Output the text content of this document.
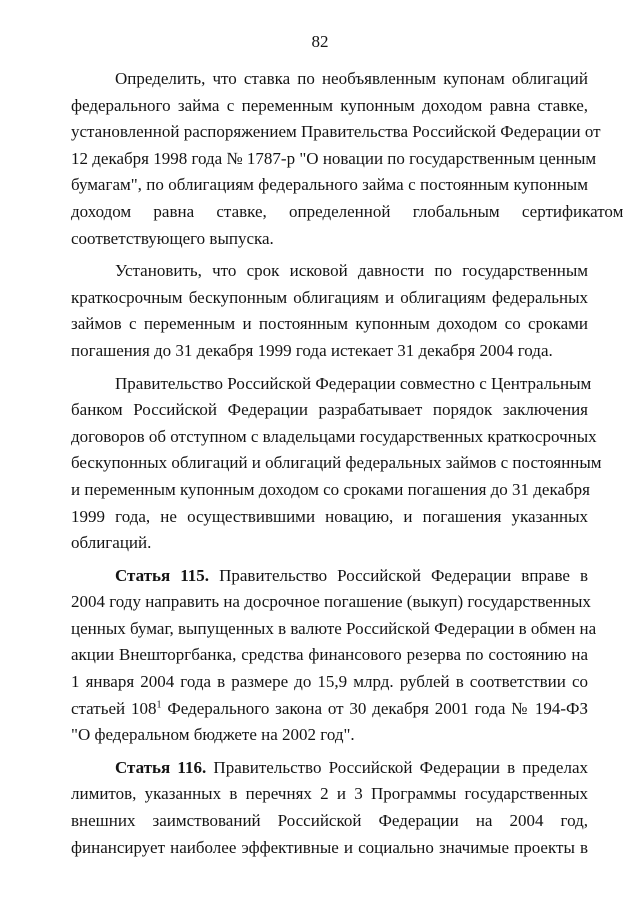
82
Определить, что ставка по необъявленным купонам облигаций
федерального займа с переменным купонным доходом равна ставке,
установленной распоряжением Правительства Российской Федерации от
12 декабря 1998 года № 1787-р "О новации по государственным ценным
бумагам", по облигациям федерального займа с постоянным купонным
доходом равна ставке, определенной глобальным сертификатом
соответствующего выпуска.
Установить, что срок исковой давности по государственным
краткосрочным бескупонным облигациям и облигациям федеральных
займов с переменным и постоянным купонным доходом со сроками
погашения до 31 декабря 1999 года истекает 31 декабря 2004 года.
Правительство Российской Федерации совместно с Центральным
банком Российской Федерации разрабатывает порядок заключения
договоров об отступном с владельцами государственных краткосрочных
бескупонных облигаций и облигаций федеральных займов с постоянным
и переменным купонным доходом со сроками погашения до 31 декабря
1999 года, не осуществившими новацию, и погашения указанных
облигаций.
Статья 115. Правительство Российской Федерации вправе в
2004 году направить на досрочное погашение (выкуп) государственных
ценных бумаг, выпущенных в валюте Российской Федерации в обмен на
акции Внешторгбанка, средства финансового резерва по состоянию на
1 января 2004 года в размере до 15,9 млрд. рублей в соответствии со
статьей $108^1$ Федерального закона от 30 декабря 2001 года № 194-ФЗ
"О федеральном бюджете на 2002 год".
Статья 116. Правительство Российской Федерации в пределах
лимитов, указанных в перечнях 2 и 3 Программы государственных
внешних заимствований Российской Федерации на 2004 год,
финансирует наиболее эффективные и социально значимые проекты в
